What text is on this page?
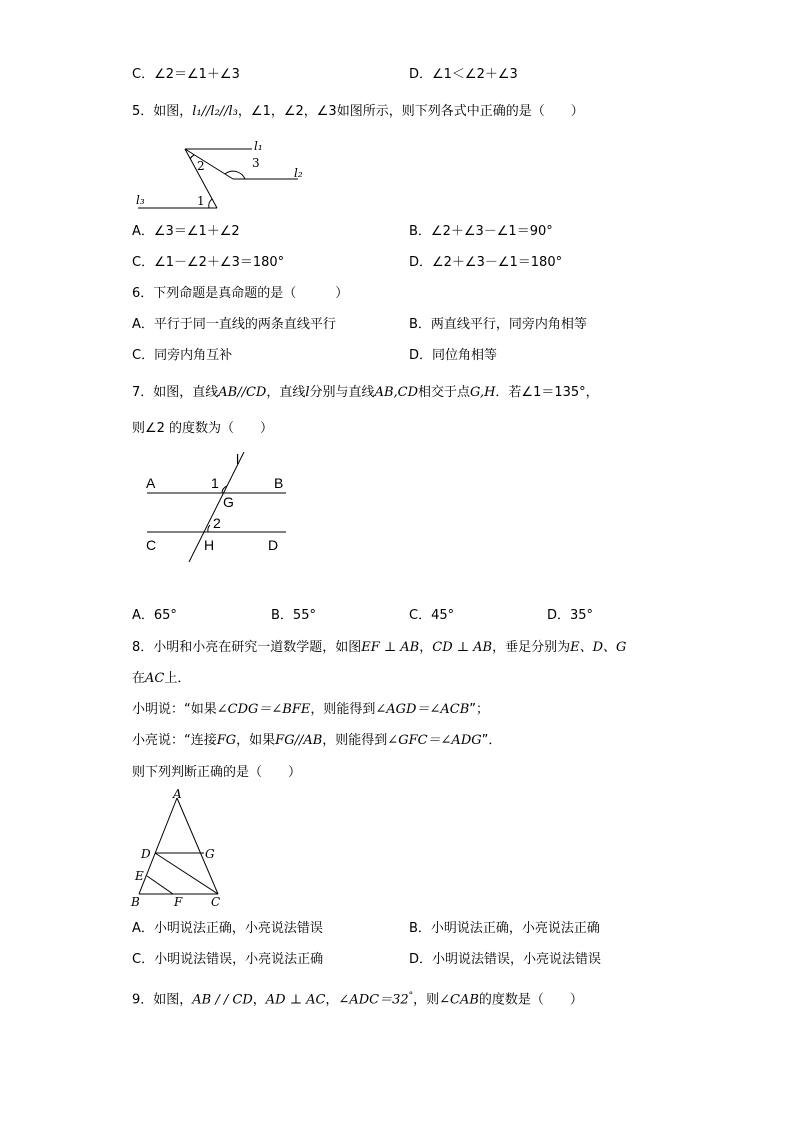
C．∠2＝∠1＋∠3	D．∠1＜∠2＋∠3
5．如图，l₁//l₂//l₃，∠1，∠2，∠3如图所示，则下列各式中正确的是（　　）
l₁
l₂
l₃	1
2	3
A．∠3＝∠1＋∠2	B．∠2＋∠3－∠1＝90°
C．∠1－∠2＋∠3＝180°	D．∠2＋∠3－∠1＝180°
6．下列命题是真命题的是（　　　）
A．平行于同一直线的两条直线平行	B．两直线平行，同旁内角相等
C．同旁内角互补	D．同位角相等
7．如图，直线AB//CD，直线l分别与直线AB,CD相交于点G,H．若∠1＝135°，
则∠2 的度数为（　　）
l
A	1	B
G
2
C	H	D
A．65°	B．55°	C．45°	D．35°
8．小明和小亮在研究一道数学题，如图EF ⊥ AB，CD ⊥ AB，垂足分别为E、D、G
在AC上．
小明说：“如果∠CDG＝∠BFE，则能得到∠AGD＝∠ACB”；
小亮说：“连接FG，如果FG//AB，则能得到∠GFC＝∠ADG”．
则下列判断正确的是（　　）
A
D	G
E
B	F C
A．小明说法正确，小亮说法错误	B．小明说法正确，小亮说法正确
C．小明说法错误，小亮说法正确	D．小明说法错误，小亮说法错误
9．如图，AB / / CD，AD ⊥ AC，∠ADC＝32°，则∠CAB的度数是（　　）
